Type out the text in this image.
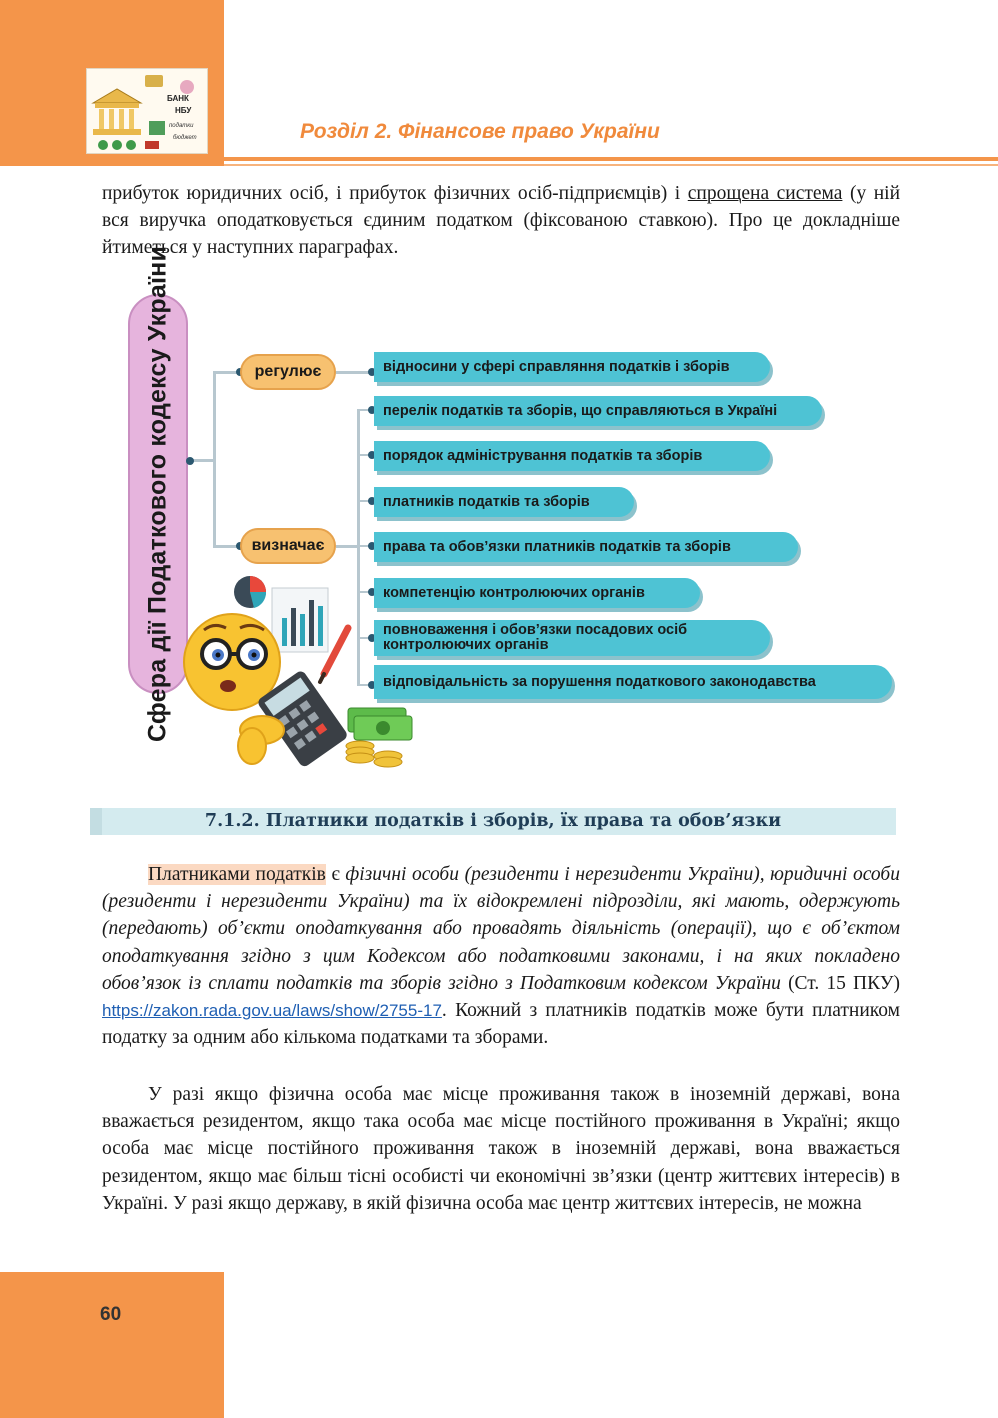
БАНК
НБУ
податки
бюджет	Розділ 2. Фінансове право України
прибуток юридичних осіб, і прибуток фізичних осіб-підприємців) і спрощена система (у ній вся виручка оподатковується єдиним податком (фіксованою ставкою). Про це докладніше йтиметься у наступних параграфах.
Сфера дії Податкового кодексу України	регулює
визначає
відносини у сфері справляння податків і зборів
перелік податків та зборів, що справляються в Україні
порядок адміністрування податків та зборів
платників податків та зборів
права та обов’язки платників податків та зборів
компетенцію контролюючих органів
повноваження і обов’язки посадових осіб контролюючих органів
відповідальність за порушення податкового законодавства
7.1.2. Платники податків і зборів, їх права та обов’язки
Платниками податків є фізичні особи (резиденти і нерезиденти України), юридичні особи (резиденти і нерезиденти України) та їх відокремлені підрозділи, які мають, одержують (передають) об’єкти оподаткування або провадять діяльність (операції), що є об’єктом оподаткування згідно з цим Кодексом або податковими законами, і на яких покладено обов’язок із сплати податків та зборів згідно з Податковим кодексом України (Ст. 15 ПКУ) https://zakon.rada.gov.ua/laws/show/2755-17. Кожний з платників податків може бути платником податку за одним або кількома податками та зборами.
У разі якщо фізична особа має місце проживання також в іноземній державі, вона вважається резидентом, якщо така особа має місце постійного проживання в Україні; якщо особа має місце постійного проживання також в іноземній державі, вона вважається резидентом, якщо має більш тісні особисті чи економічні зв’язки (центр життєвих інтересів) в Україні. У разі якщо державу, в якій фізична особа має центр життєвих інтересів, не можна
60
